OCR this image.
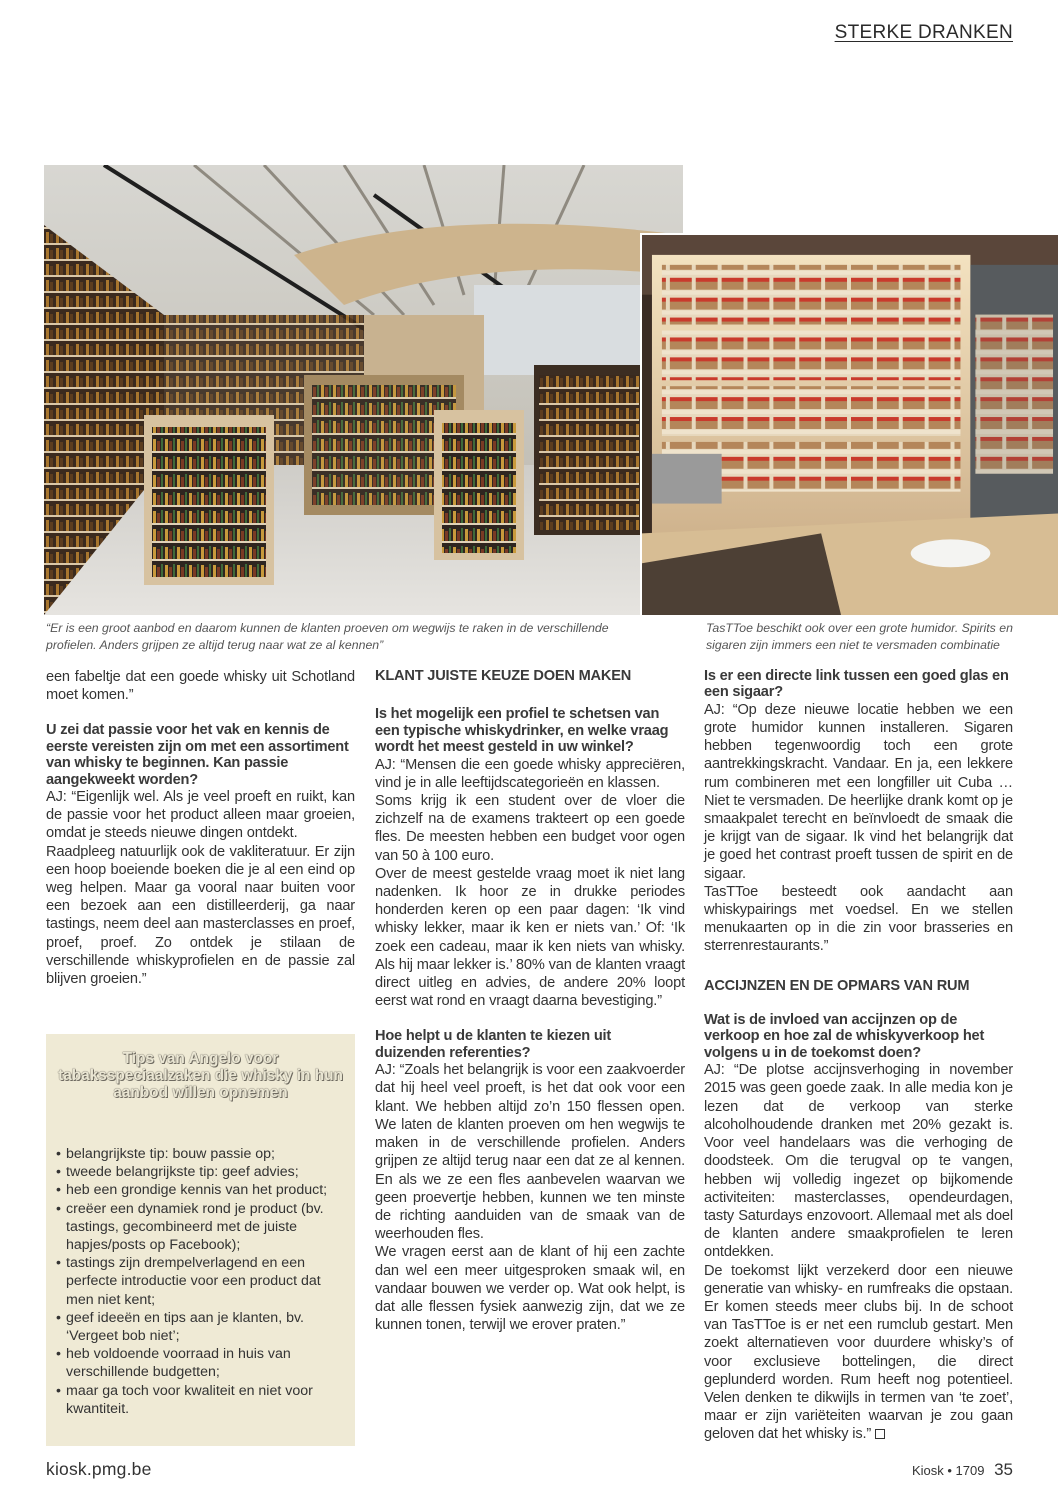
STERKE DRANKEN
“Er is een groot aanbod en daarom kunnen de klanten proeven om wegwijs te raken in de verschillende profielen. Anders grijpen ze altijd terug naar wat ze al kennen”
TasTToe beschikt ook over een grote humidor. Spirits en sigaren zijn immers een niet te versmaden combinatie

een fabeltje dat een goede whisky uit Schotland moet komen.”

U zei dat passie voor het vak en kennis de eerste vereisten zijn om met een assortiment van whisky te beginnen. Kan passie aangekweekt worden?

AJ: “Eigenlijk wel. Als je veel proeft en ruikt, kan de passie voor het product alleen maar groeien, omdat je steeds nieuwe dingen ontdekt.

Raadpleeg natuurlijk ook de vakliteratuur. Er zijn een hoop boeiende boeken die je al een eind op weg helpen. Maar ga vooral naar buiten voor een bezoek aan een distilleerderij, ga naar tastings, neem deel aan masterclasses en proef, proef, proef. Zo ontdek je stilaan de verschillende whiskyprofielen en de passie zal blijven groeien.”

Tips van Angelo voor tabaksspeciaalzaken die whisky in hun aanbod willen opnemen
• belangrijkste tip: bouw passie op;
• tweede belangrijkste tip: geef advies;
• heb een grondige kennis van het product;
• creëer een dynamiek rond je product (bv. tastings, gecombineerd met de juiste hapjes/posts op Facebook);
• tastings zijn drempelverlagend en een perfecte introductie voor een product dat men niet kent;
• geef ideeën en tips aan je klanten, bv. ‘Vergeet bob niet’;
• heb voldoende voorraad in huis van verschillende budgetten;
• maar ga toch voor kwaliteit en niet voor kwantiteit.
KLANT JUISTE KEUZE DOEN MAKEN
Is het mogelijk een profiel te schetsen van een typische whiskydrinker, en welke vraag wordt het meest gesteld in uw winkel?

AJ: “Mensen die een goede whisky appreciëren, vind je in alle leeftijdscategorieën en klassen.

Soms krijg ik een student over de vloer die zichzelf na de examens trakteert op een goede fles. De meesten hebben een budget voor ogen van 50 à 100 euro.

Over de meest gestelde vraag moet ik niet lang nadenken. Ik hoor ze in drukke periodes honderden keren op een paar dagen: ‘Ik vind whisky lekker, maar ik ken er niets van.’ Of: ‘Ik zoek een cadeau, maar ik ken niets van whisky. Als hij maar lekker is.’ 80% van de klanten vraagt direct uitleg en advies, de andere 20% loopt eerst wat rond en vraagt daarna bevestiging.”

Hoe helpt u de klanten te kiezen uit duizenden referenties?

AJ: “Zoals het belangrijk is voor een zaakvoerder dat hij heel veel proeft, is het dat ook voor een klant. We hebben altijd zo’n 150 flessen open. We laten de klanten proeven om hen wegwijs te maken in de verschillende profielen. Anders grijpen ze altijd terug naar een dat ze al kennen. En als we ze een fles aanbevelen waarvan we geen proevertje hebben, kunnen we ten minste de richting aanduiden van de smaak van de weerhouden fles.

We vragen eerst aan de klant of hij een zachte dan wel een meer uitgesproken smaak wil, en vandaar bouwen we verder op. Wat ook helpt, is dat alle flessen fysiek aanwezig zijn, dat we ze kunnen tonen, terwijl we erover praten.”

Is er een directe link tussen een goed glas en een sigaar?

AJ: “Op deze nieuwe locatie hebben we een grote humidor kunnen installeren. Sigaren hebben tegenwoordig toch een grote aantrekkingskracht. Vandaar. En ja, een lekkere rum combineren met een longfiller uit Cuba … Niet te versmaden. De heerlijke drank komt op je smaakpalet terecht en beïnvloedt de smaak die je krijgt van de sigaar. Ik vind het belangrijk dat je goed het contrast proeft tussen de spirit en de sigaar.

TasTToe besteedt ook aandacht aan whiskypairings met voedsel. En we stellen menukaarten op in die zin voor brasseries en sterrenrestaurants.”

ACCIJNZEN EN DE OPMARS VAN RUM
Wat is de invloed van accijnzen op de verkoop en hoe zal de whiskyverkoop het volgens u in de toekomst doen?

AJ: “De plotse accijnsverhoging in november 2015 was geen goede zaak. In alle media kon je lezen dat de verkoop van sterke alcoholhoudende dranken met 20% gezakt is. Voor veel handelaars was die verhoging de doodsteek. Om die terugval op te vangen, hebben wij volledig ingezet op bijkomende activiteiten: masterclasses, opendeurdagen, tasty Saturdays enzovoort. Allemaal met als doel de klanten andere smaakprofielen te leren ontdekken.

De toekomst lijkt verzekerd door een nieuwe generatie van whisky- en rumfreaks die opstaan. Er komen steeds meer clubs bij. In de schoot van TasTToe is er net een rumclub gestart. Men zoekt alternatieven voor duurdere whisky’s of voor exclusieve bottelingen, die direct geplunderd worden. Rum heeft nog potentieel. Velen denken te dikwijls in termen van ‘te zoet’, maar er zijn variëteiten waarvan je zou gaan geloven dat het whisky is.”

kiosk.pmg.be	Kiosk • 1709 35
